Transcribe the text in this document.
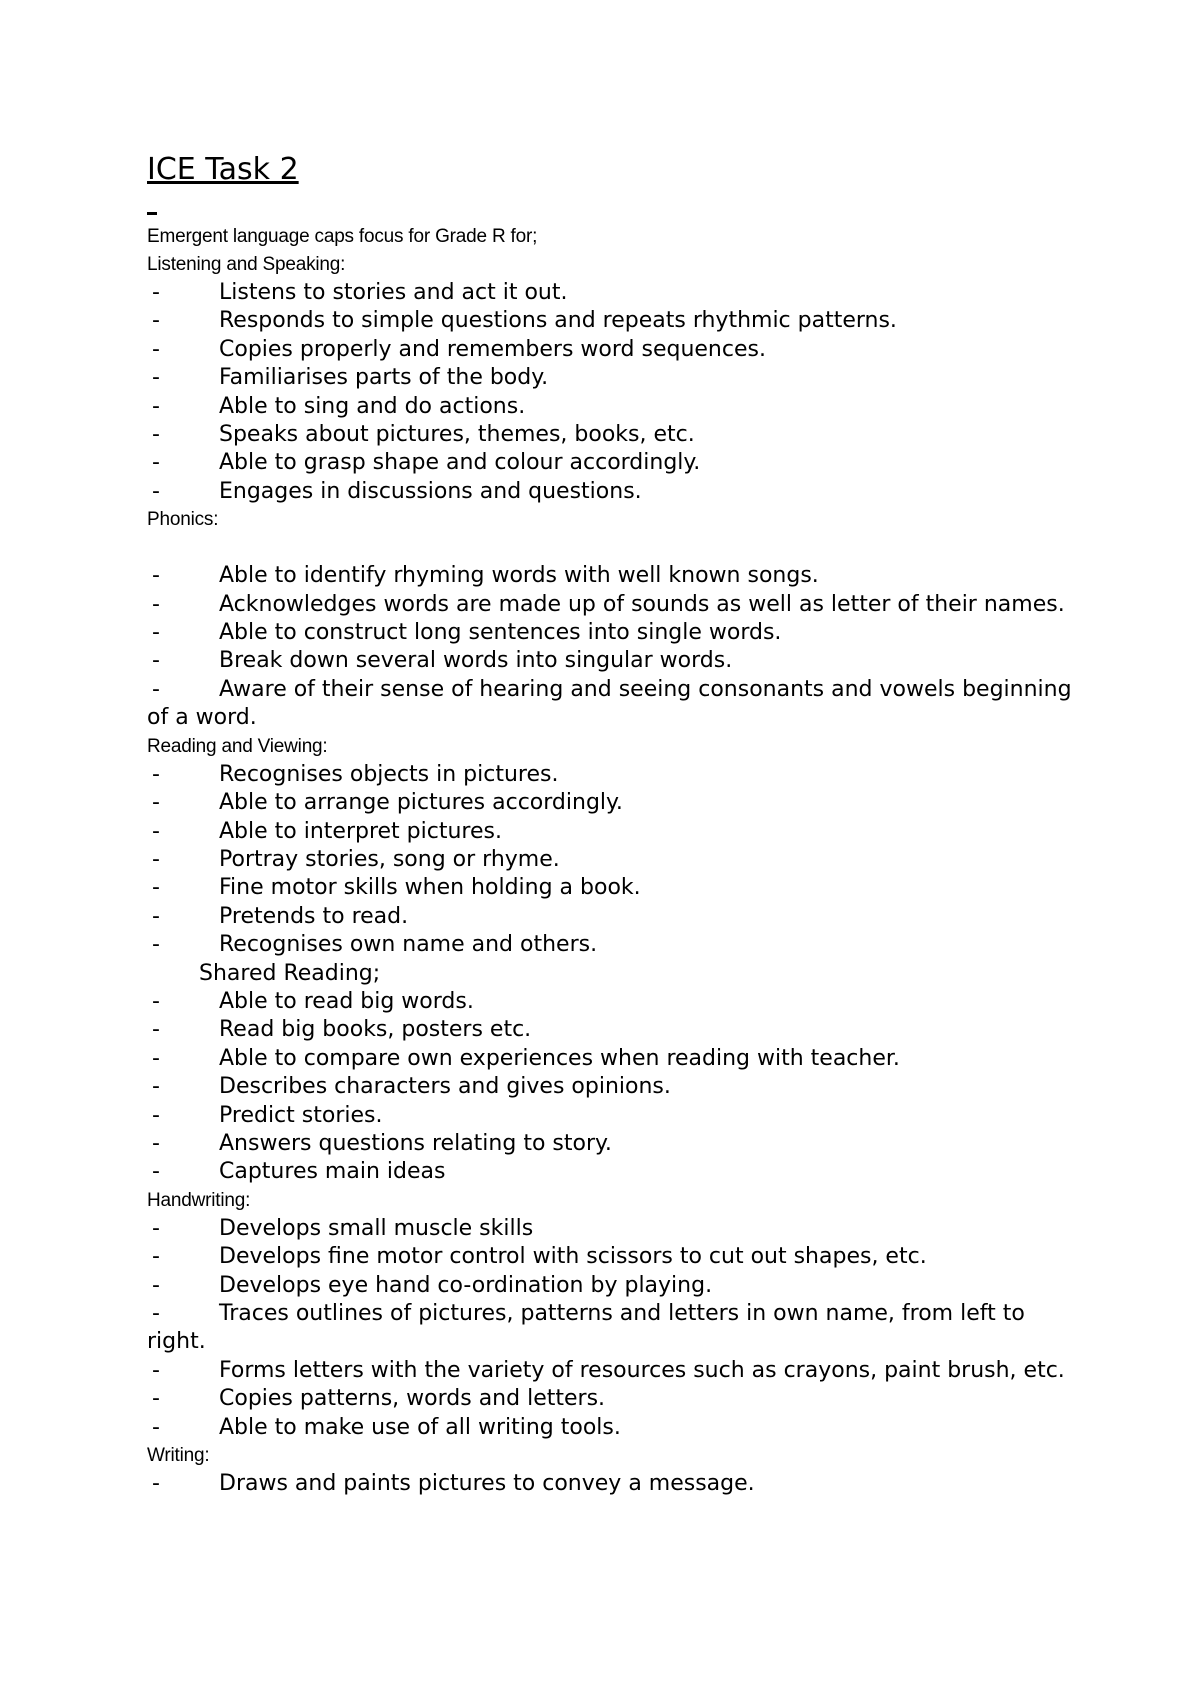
ICE Task 2
Emergent language caps focus for Grade R for;
Listening and Speaking:
-	Listens to stories and act it out.
-	Responds to simple questions and repeats rhythmic patterns.
-	Copies properly and remembers word sequences.
-	Familiarises parts of the body.
-	Able to sing and do actions.
-	Speaks about pictures, themes, books, etc.
-	Able to grasp shape and colour accordingly.
-	Engages in discussions and questions.
Phonics:
-	Able to identify rhyming words with well known songs.
-	Acknowledges words are made up of sounds as well as letter of their names.
-	Able to construct long sentences into single words.
-	Break down several words into singular words.
-	Aware of their sense of hearing and seeing consonants and vowels beginning of a word.
Reading and Viewing:
-	Recognises objects in pictures.
-	Able to arrange pictures accordingly.
-	Able to interpret pictures.
-	Portray stories, song or rhyme.
-	Fine motor skills when holding a book.
-	Pretends to read.
-	Recognises own name and others.
Shared Reading;
-	Able to read big words.
-	Read big books, posters etc.
-	Able to compare own experiences when reading with teacher.
-	Describes characters and gives opinions.
-	Predict stories.
-	Answers questions relating to story.
-	Captures main ideas
Handwriting:
-	Develops small muscle skills
-	Develops fine motor control with scissors to cut out shapes, etc.
-	Develops eye hand co-ordination by playing.
-	Traces outlines of pictures, patterns and letters in own name, from left to right.
-	Forms letters with the variety of resources such as crayons, paint brush, etc.
-	Copies patterns, words and letters.
-	Able to make use of all writing tools.
Writing:
-	Draws and paints pictures to convey a message.
